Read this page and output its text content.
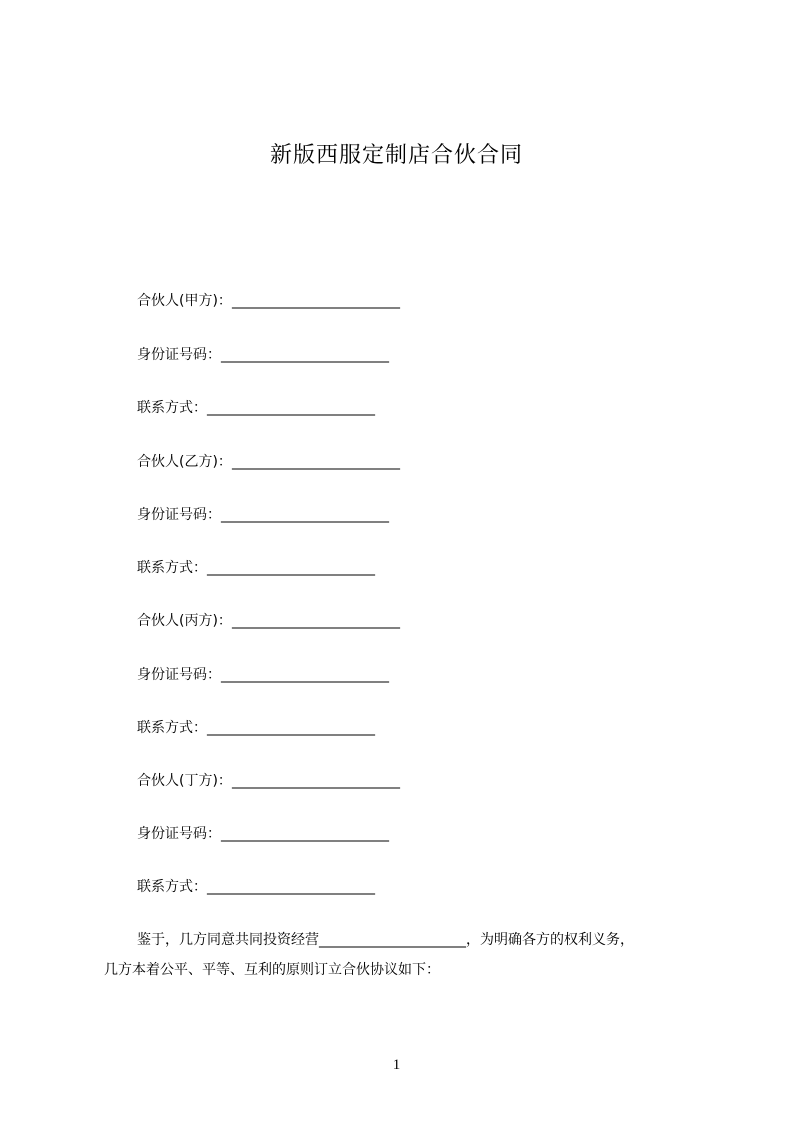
新版西服定制店合伙合同
合伙人(甲方)：________________________
身份证号码：________________________
联系方式：________________________
合伙人(乙方)：________________________
身份证号码：________________________
联系方式：________________________
合伙人(丙方)：________________________
身份证号码：________________________
联系方式：________________________
合伙人(丁方)：________________________
身份证号码：________________________
联系方式：________________________
鉴于，几方同意共同投资经营_____________________，为明确各方的权利义务，
几方本着公平、平等、互利的原则订立合伙协议如下：
1
